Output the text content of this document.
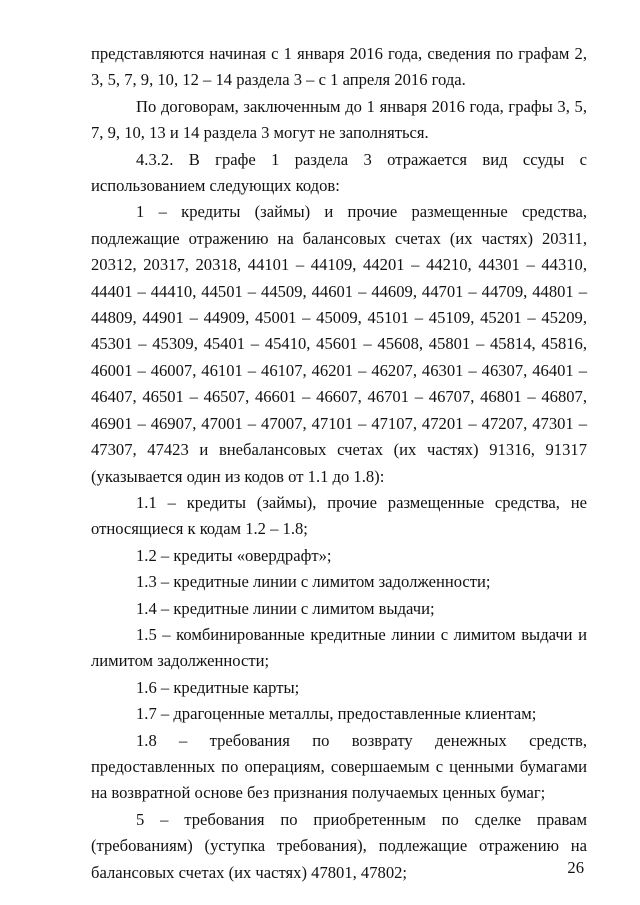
представляются начиная с 1 января 2016 года, сведения по графам 2, 3, 5, 7, 9, 10, 12 – 14 раздела 3 – с 1 апреля 2016 года.

По договорам, заключенным до 1 января 2016 года, графы 3, 5, 7, 9, 10, 13 и 14 раздела 3 могут не заполняться.

4.3.2. В графе 1 раздела 3 отражается вид ссуды с использованием следующих кодов:

1 – кредиты (займы) и прочие размещенные средства, подлежащие отражению на балансовых счетах (их частях) 20311, 20312, 20317, 20318, 44101 – 44109, 44201 – 44210, 44301 – 44310, 44401 – 44410, 44501 – 44509, 44601 – 44609, 44701 – 44709, 44801 – 44809, 44901 – 44909, 45001 – 45009, 45101 – 45109, 45201 – 45209, 45301 – 45309, 45401 – 45410, 45601 – 45608, 45801 – 45814, 45816, 46001 – 46007, 46101 – 46107, 46201 – 46207, 46301 – 46307, 46401 – 46407, 46501 – 46507, 46601 – 46607, 46701 – 46707, 46801 – 46807, 46901 – 46907, 47001 – 47007, 47101 – 47107, 47201 – 47207, 47301 – 47307, 47423 и внебалансовых счетах (их частях) 91316, 91317 (указывается один из кодов от 1.1 до 1.8):

1.1 – кредиты (займы), прочие размещенные средства, не относящиеся к кодам 1.2 – 1.8;

1.2 – кредиты «овердрафт»;

1.3 – кредитные линии с лимитом задолженности;

1.4 – кредитные линии с лимитом выдачи;

1.5 – комбинированные кредитные линии с лимитом выдачи и лимитом задолженности;

1.6 – кредитные карты;

1.7 – драгоценные металлы, предоставленные клиентам;

1.8 – требования по возврату денежных средств, предоставленных по операциям, совершаемым с ценными бумагами на возвратной основе без признания получаемых ценных бумаг;

5 – требования по приобретенным по сделке правам (требованиям) (уступка требования), подлежащие отражению на балансовых счетах (их частях) 47801, 47802;	26
